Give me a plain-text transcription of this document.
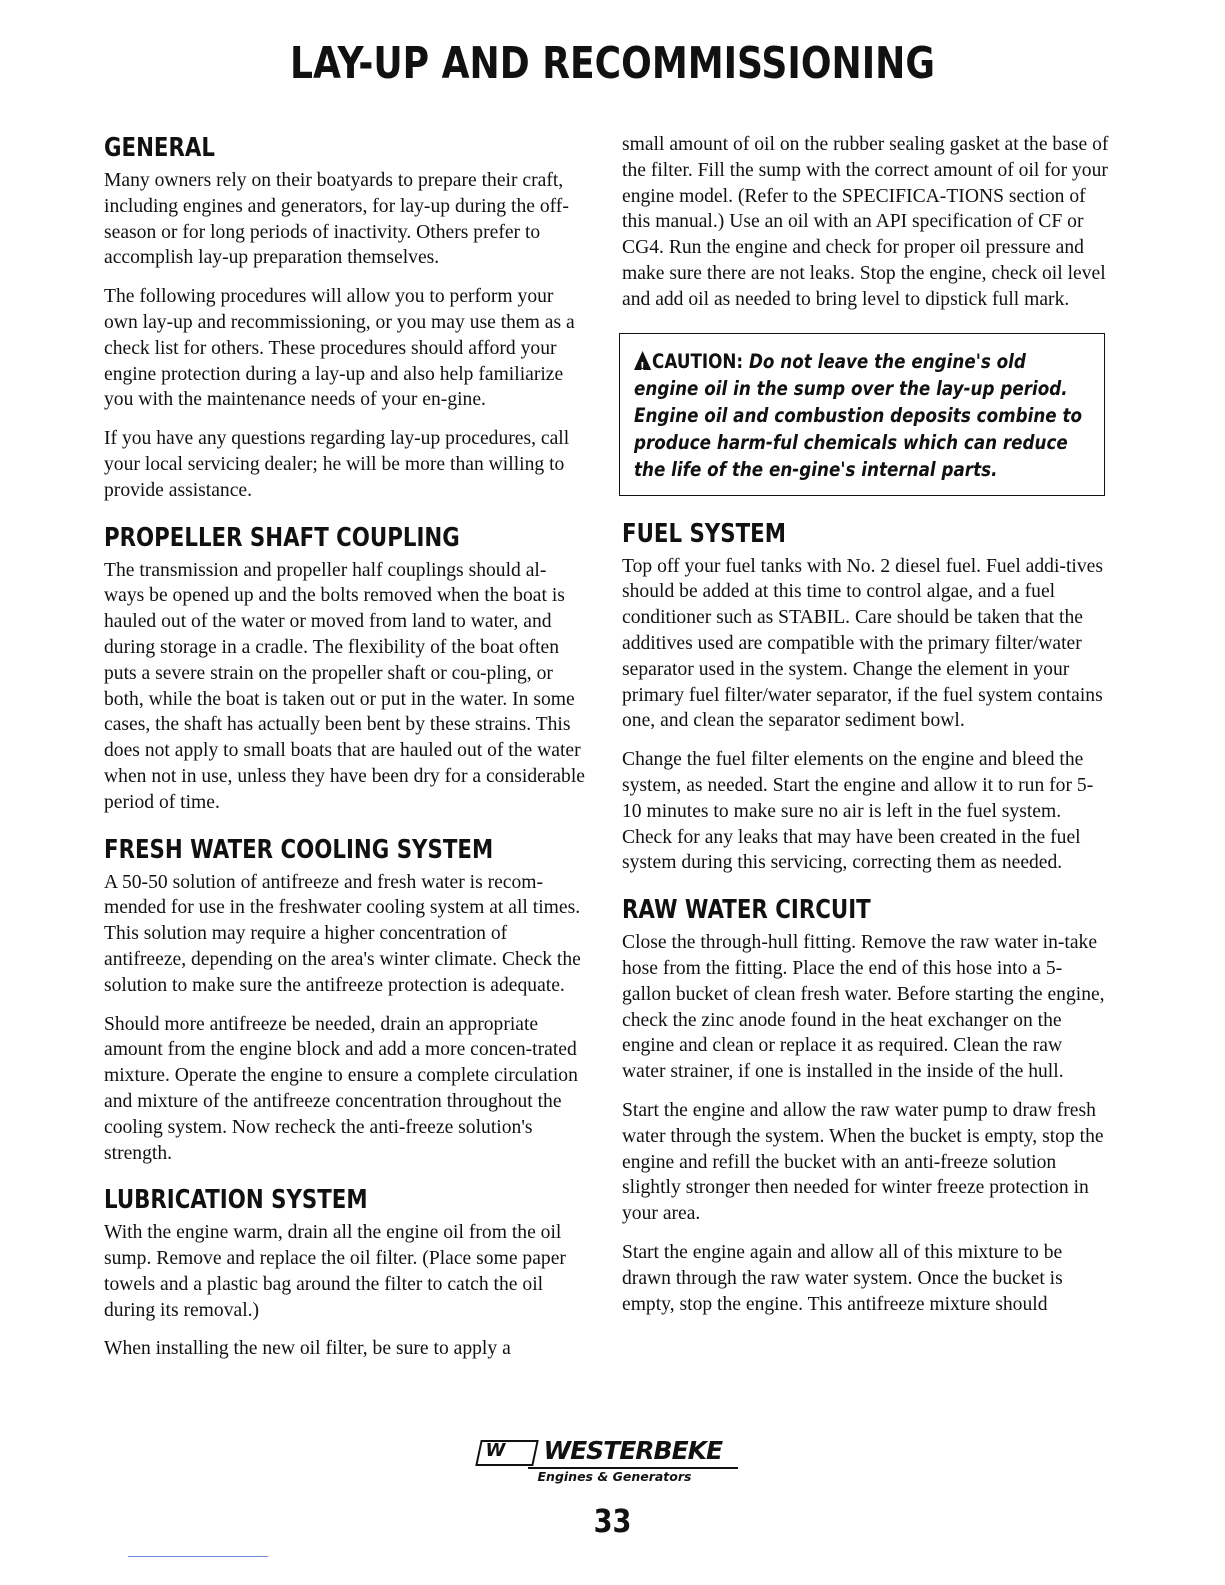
LAY-UP AND RECOMMISSIONING
GENERAL

Many owners rely on their boatyards to prepare their craft, including engines and generators, for lay-up during the off-season or for long periods of inactivity. Others prefer to accomplish lay-up preparation themselves.

The following procedures will allow you to perform your own lay-up and recommissioning, or you may use them as a check list for others. These procedures should afford your engine protection during a lay-up and also help familiarize you with the maintenance needs of your en-gine.

If you have any questions regarding lay-up procedures, call your local servicing dealer; he will be more than willing to provide assistance.

PROPELLER SHAFT COUPLING

The transmission and propeller half couplings should al-ways be opened up and the bolts removed when the boat is hauled out of the water or moved from land to water, and during storage in a cradle. The flexibility of the boat often puts a severe strain on the propeller shaft or cou-pling, or both, while the boat is taken out or put in the water. In some cases, the shaft has actually been bent by these strains. This does not apply to small boats that are hauled out of the water when not in use, unless they have been dry for a considerable period of time.

FRESH WATER COOLING SYSTEM

A 50-50 solution of antifreeze and fresh water is recom-mended for use in the freshwater cooling system at all times. This solution may require a higher concentration of antifreeze, depending on the area's winter climate. Check the solution to make sure the antifreeze protection is adequate.

Should more antifreeze be needed, drain an appropriate amount from the engine block and add a more concen-trated mixture. Operate the engine to ensure a complete circulation and mixture of the antifreeze concentration throughout the cooling system. Now recheck the anti-freeze solution's strength.

LUBRICATION SYSTEM

With the engine warm, drain all the engine oil from the oil sump. Remove and replace the oil filter. (Place some paper towels and a plastic bag around the filter to catch the oil during its removal.)

When installing the new oil filter, be sure to apply a

small amount of oil on the rubber sealing gasket at the base of the filter. Fill the sump with the correct amount of oil for your engine model. (Refer to the SPECIFICA-TIONS section of this manual.) Use an oil with an API specification of CF or CG4. Run the engine and check for proper oil pressure and make sure there are not leaks. Stop the engine, check oil level and add oil as needed to bring level to dipstick full mark.

!CAUTION: Do not leave the engine's old engine oil in the sump over the lay-up period. Engine oil and combustion deposits combine to produce harm-ful chemicals which can reduce the life of the en-gine's internal parts.

FUEL SYSTEM

Top off your fuel tanks with No. 2 diesel fuel. Fuel addi-tives should be added at this time to control algae, and a fuel conditioner such as STABIL. Care should be taken that the additives used are compatible with the primary filter/water separator used in the system. Change the element in your primary fuel filter/water separator, if the fuel system contains one, and clean the separator sediment bowl.

Change the fuel filter elements on the engine and bleed the system, as needed. Start the engine and allow it to run for 5-10 minutes to make sure no air is left in the fuel system. Check for any leaks that may have been created in the fuel system during this servicing, correcting them as needed.

RAW WATER CIRCUIT

Close the through-hull fitting. Remove the raw water in-take hose from the fitting. Place the end of this hose into a 5-gallon bucket of clean fresh water. Before starting the engine, check the zinc anode found in the heat exchanger on the engine and clean or replace it as required. Clean the raw water strainer, if one is installed in the inside of the hull.

Start the engine and allow the raw water pump to draw fresh water through the system. When the bucket is empty, stop the engine and refill the bucket with an anti-freeze solution slightly stronger then needed for winter freeze protection in your area.

Start the engine again and allow all of this mixture to be drawn through the raw water system. Once the bucket is empty, stop the engine. This antifreeze mixture should

W WESTERBEKE
Engines & Generators
33
